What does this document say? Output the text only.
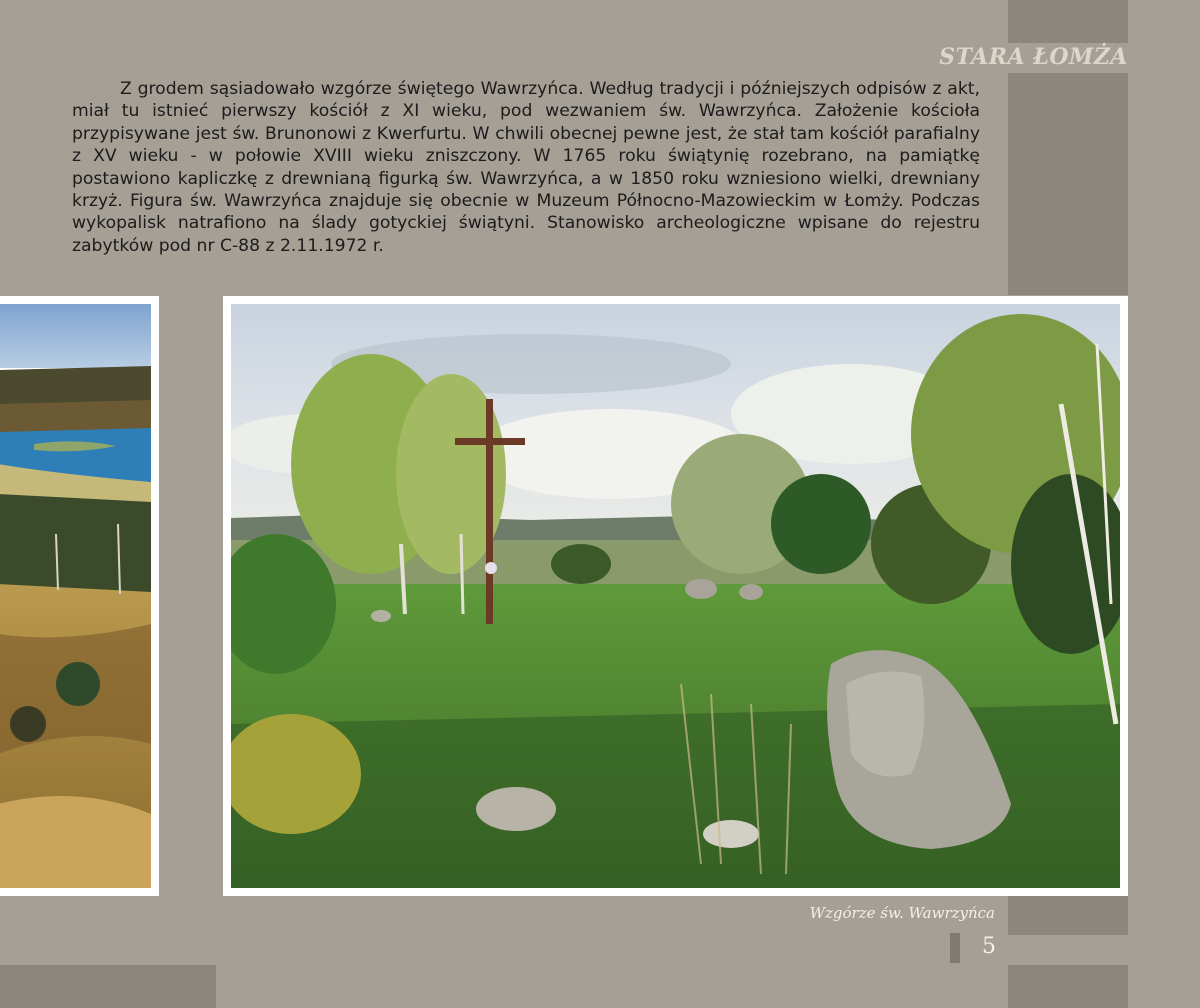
STARA ŁOMŻA

Z grodem sąsiadowało wzgórze świętego Wawrzyńca. Według tradycji i późniejszych odpisów z akt, miał tu istnieć pierwszy kościół z XI wieku, pod wezwaniem św. Wawrzyńca. Założenie kościoła przypisywane jest św. Brunonowi z Kwerfurtu. W chwili obecnej pewne jest, że stał tam kościół parafialny z XV wieku - w połowie XVIII wieku zniszczony. W 1765 roku świątynię rozebrano, na pamiątkę postawiono kapliczkę z drewnianą figurką św. Wawrzyńca, a w 1850 roku wzniesiono wielki, drewniany krzyż. Figura św. Wawrzyńca znajduje się obecnie w Muzeum Północno-Mazowieckim w Łomży. Podczas wykopalisk natrafiono na ślady gotyckiej świątyni. Stanowisko archeologiczne wpisane do rejestru zabytków pod nr C-88 z 2.11.1972 r.

Wzgórze św. Wawrzyńca
5
